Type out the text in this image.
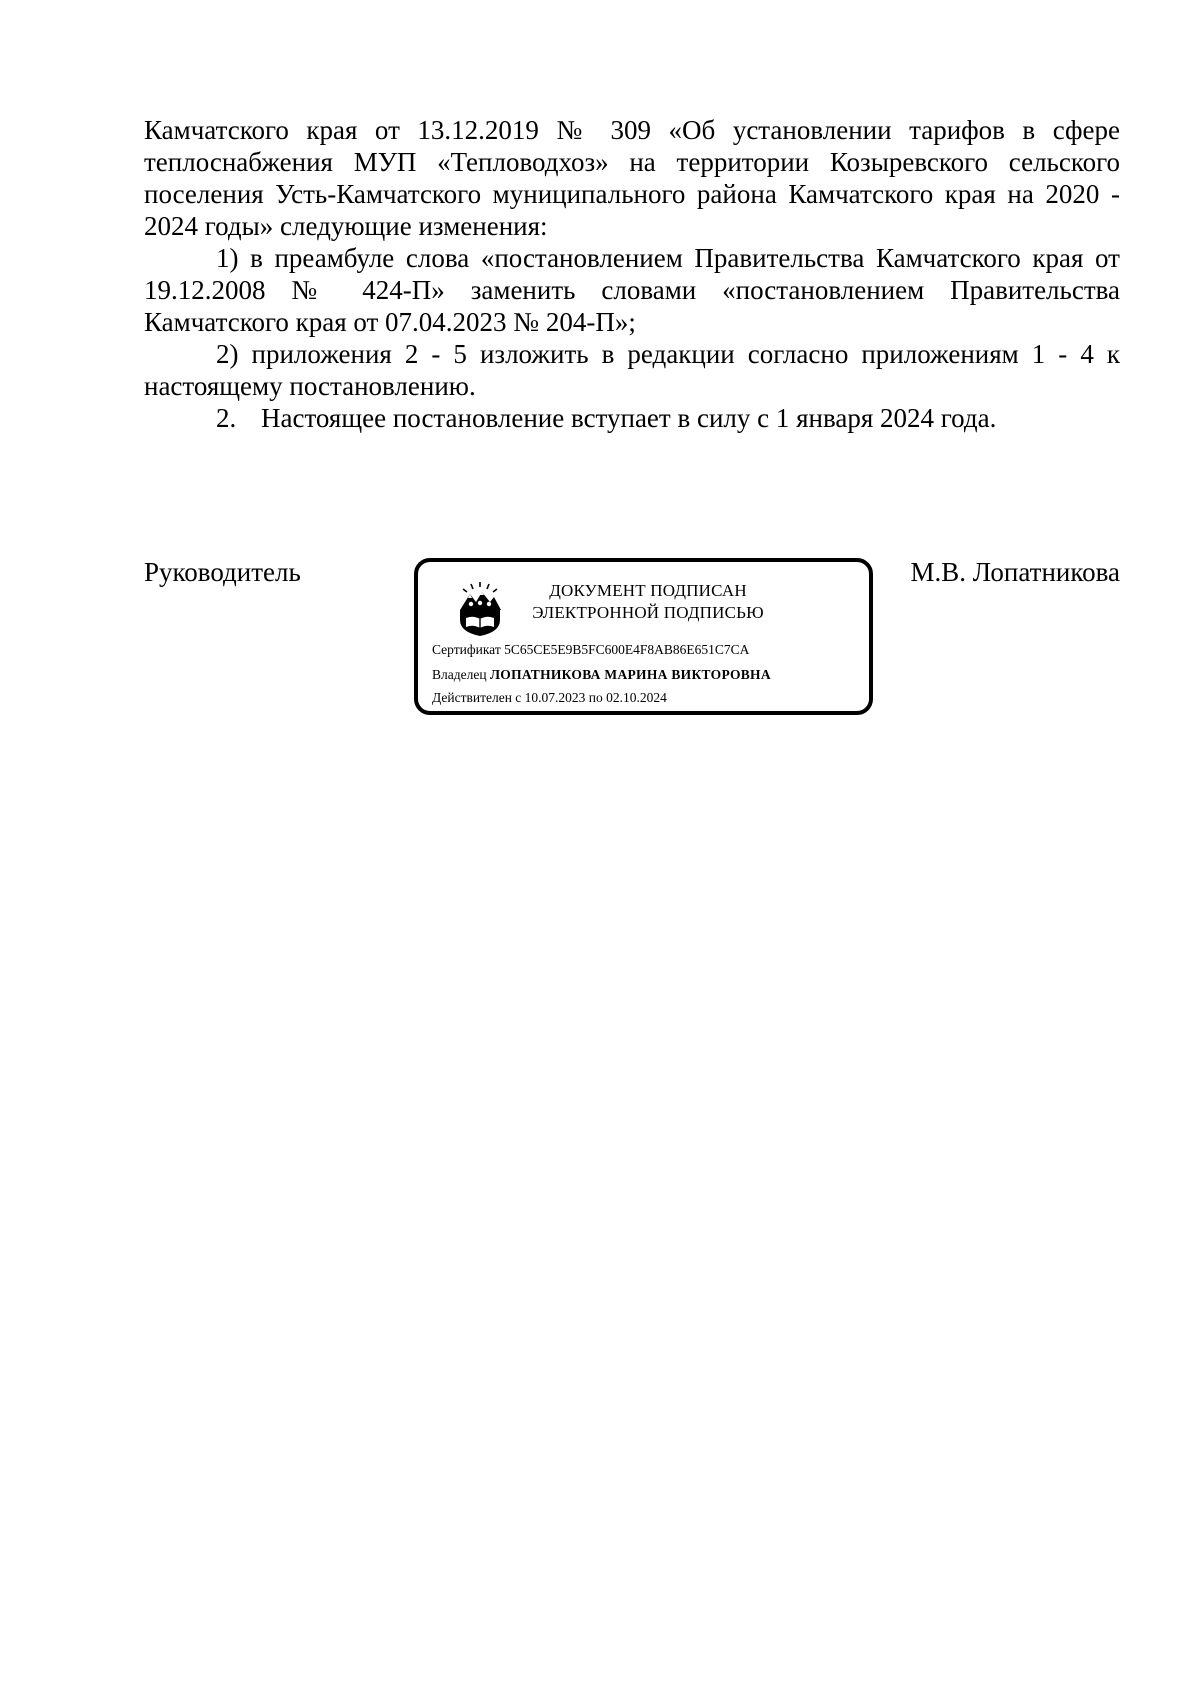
Камчатского края от 13.12.2019 № 309 «Об установлении тарифов в сфере теплоснабжения МУП «Тепловодхоз» на территории Козыревского сельского поселения Усть-Камчатского муниципального района Камчатского края на 2020 - 2024 годы» следующие изменения:

1) в преамбуле слова «постановлением Правительства Камчатского края от 19.12.2008 № 424-П» заменить словами «постановлением Правительства Камчатского края от 07.04.2023 № 204-П»;

2) приложения 2 - 5 изложить в редакции согласно приложениям 1 - 4 к настоящему постановлению.

2. Настоящее постановление вступает в силу с 1 января 2024 года.

Руководитель	М.В. Лопатникова
ДОКУМЕНТ ПОДПИСАН
ЭЛЕКТРОННОЙ ПОДПИСЬЮ
Сертификат 5C65CE5E9B5FC600E4F8AB86E651C7CA
Владелец ЛОПАТНИКОВА МАРИНА ВИКТОРОВНА
Действителен с 10.07.2023 по 02.10.2024
